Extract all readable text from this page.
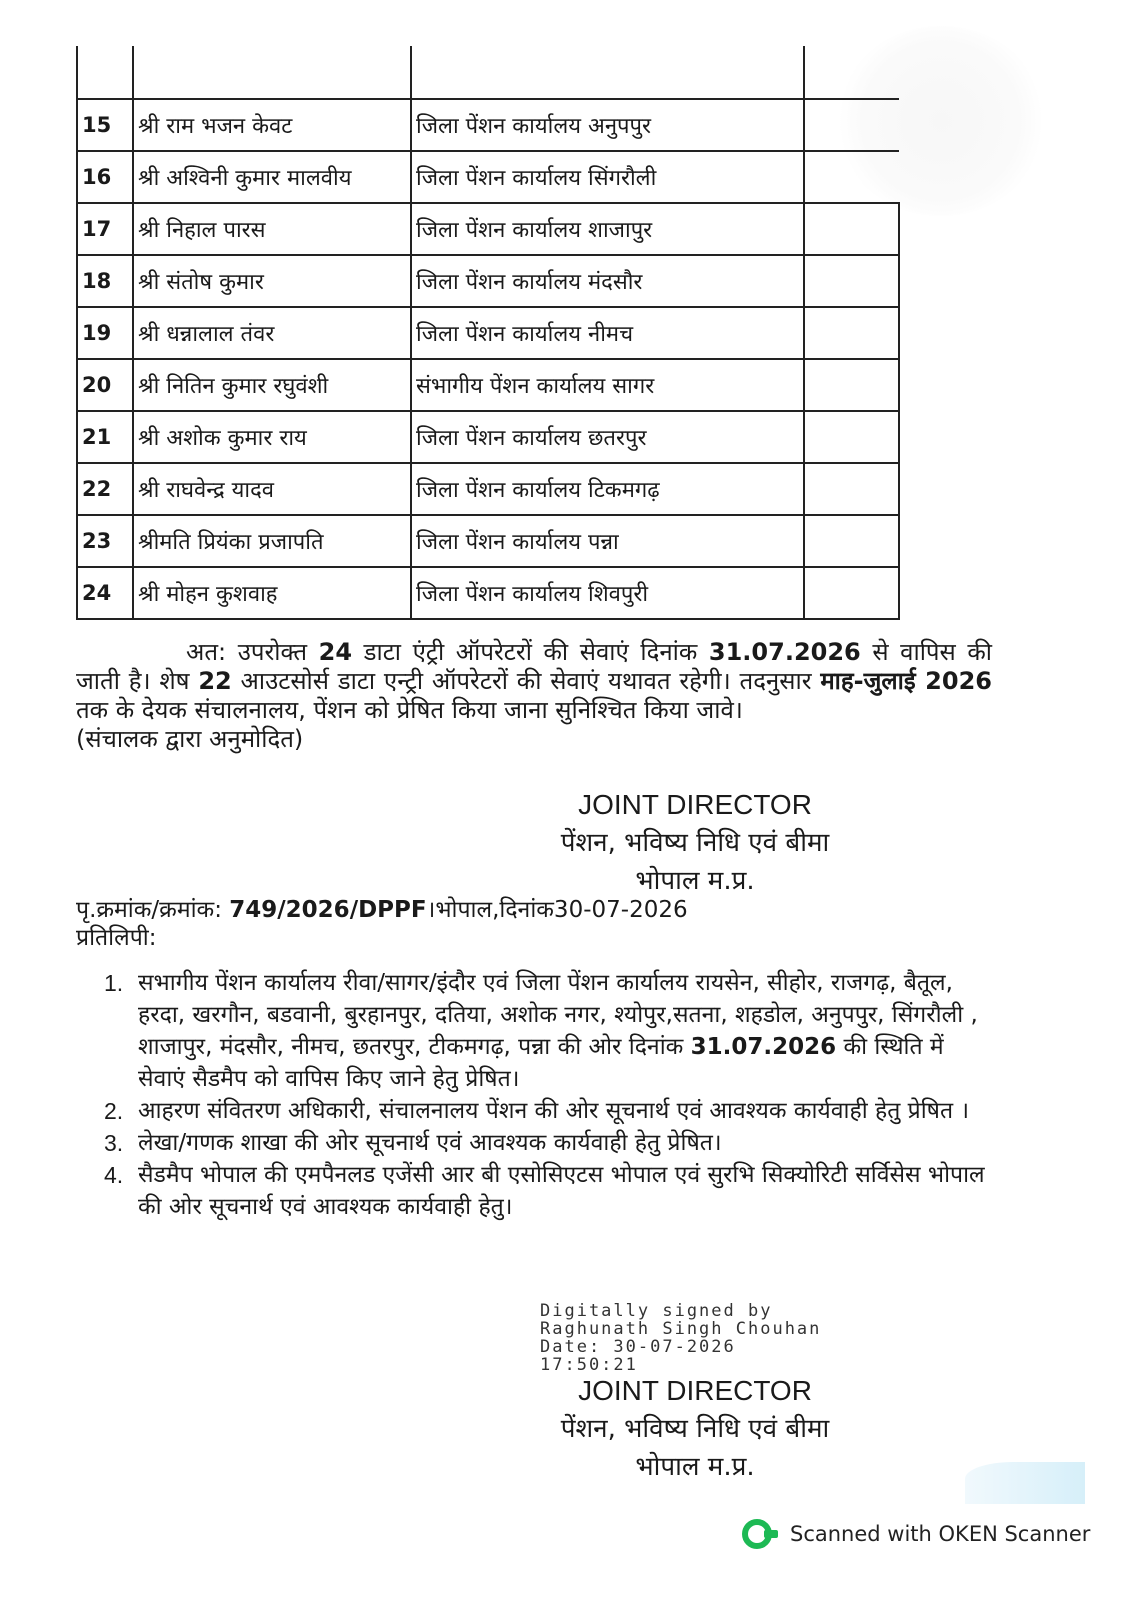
15	श्री राम भजन केवट	जिला पेंशन कार्यालय अनुपपुर	
16	श्री अश्विनी कुमार मालवीय	जिला पेंशन कार्यालय सिंगरौली	
17	श्री निहाल पारस	जिला पेंशन कार्यालय शाजापुर	
18	श्री संतोष कुमार	जिला पेंशन कार्यालय मंदसौर	
19	श्री धन्नालाल तंवर	जिला पेंशन कार्यालय नीमच	
20	श्री नितिन कुमार रघुवंशी	संभागीय पेंशन कार्यालय सागर	
21	श्री अशोक कुमार राय	जिला पेंशन कार्यालय छतरपुर	
22	श्री राघवेन्द्र यादव	जिला पेंशन कार्यालय टिकमगढ़	
23	श्रीमति प्रियंका प्रजापति	जिला पेंशन कार्यालय पन्ना	
24	श्री मोहन कुशवाह	जिला पेंशन कार्यालय शिवपुरी	

अत: उपरोक्त 24 डाटा एंट्री ऑपरेटरों की सेवाएं दिनांक 31.07.2026 से वापिस की जाती है। शेष 22 आउटसोर्स डाटा एन्ट्री ऑपरेटरों की सेवाएं यथावत रहेगी। तदनुसार माह-जुलाई 2026 तक के देयक संचालनालय, पेंशन को प्रेषित किया जाना सुनिश्चित किया जावे।

(संचालक द्वारा अनुमोदित)

JOINT DIRECTOR
पेंशन, भविष्य निधि एवं बीमा
भोपाल म.प्र.
पृ.क्रमांक/क्रमांक: 749/2026/DPPF।भोपाल,दिनांक30-07-2026
प्रतिलिपी:
1. सभागीय पेंशन कार्यालय रीवा/सागर/इंदौर एवं जिला पेंशन कार्यालय रायसेन, सीहोर, राजगढ़, बैतूल, हरदा, खरगौन, बडवानी, बुरहानपुर, दतिया, अशोक नगर, श्योपुर,सतना, शहडोल, अनुपपुर, सिंगरौली , शाजापुर, मंदसौर, नीमच, छतरपुर, टीकमगढ़, पन्ना की ओर दिनांक 31.07.2026 की स्थिति में सेवाएं सैडमैप को वापिस किए जाने हेतु प्रेषित।
2. आहरण संवितरण अधिकारी, संचालनालय पेंशन की ओर सूचनार्थ एवं आवश्यक कार्यवाही हेतु प्रेषित ।
3. लेखा/गणक शाखा की ओर सूचनार्थ एवं आवश्यक कार्यवाही हेतु प्रेषित।
4. सैडमैप भोपाल की एमपैनलड एजेंसी आर बी एसोसिएटस भोपाल एवं सुरभि सिक्योरिटी सर्विसेस भोपाल की ओर सूचनार्थ एवं आवश्यक कार्यवाही हेतु।
Digitally signed by
Raghunath Singh Chouhan
Date: 30-07-2026
17:50:21
JOINT DIRECTOR
पेंशन, भविष्य निधि एवं बीमा
भोपाल म.प्र.
Scanned with OKEN Scanner
